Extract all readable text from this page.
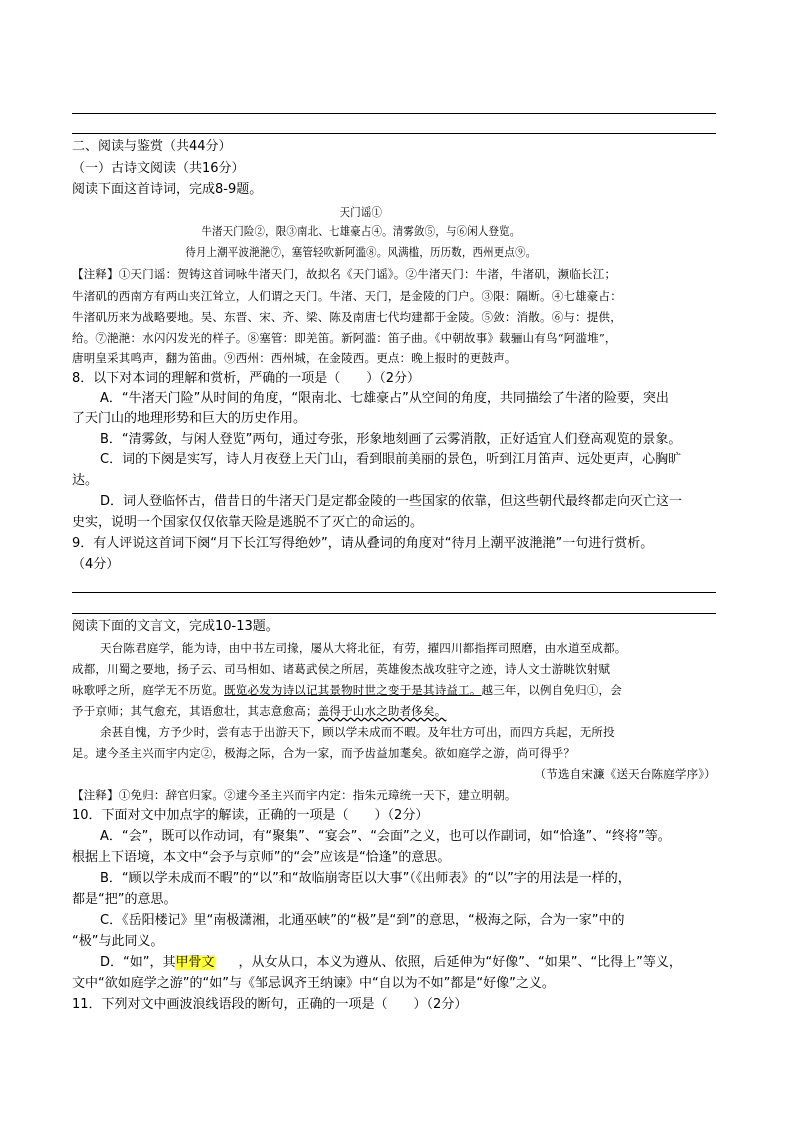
二、阅读与鉴赏（共44分）
（一）古诗文阅读（共16分）
阅读下面这首诗词，完成8-9题。
天门谣①
牛渚天门险②，限③南北、七雄豪占④。清雾敛⑤，与⑥闲人登览。
待月上潮平波滟滟⑦，塞管轻吹新阿滥⑧。风满槛，历历数，西州更点⑨。
【注释】①天门谣：贺铸这首词咏牛渚天门，故拟名《天门谣》。②牛渚天门：牛渚，牛渚矶，濒临长江；
牛渚矶的西南方有两山夹江耸立，人们谓之天门。牛渚、天门，是金陵的门户。③限：隔断。④七雄豪占：
牛渚矶历来为战略要地。吴、东晋、宋、齐、梁、陈及南唐七代均建都于金陵。⑤敛：消散。⑥与：提供，
给。⑦滟滟：水闪闪发光的样子。⑧塞管：即羌笛。新阿滥：笛子曲。《中朝故事》载骊山有鸟“阿滥堆”，
唐明皇采其鸣声，翻为笛曲。⑨西州：西州城，在金陵西。更点：晚上报时的更鼓声。
8．以下对本词的理解和赏析，严确的一项是（　　）（2分）
A．“牛渚天门险”从时间的角度，“限南北、七雄豪占”从空间的角度，共同描绘了牛渚的险要，突出
了天门山的地理形势和巨大的历史作用。
B．“清雾敛，与闲人登览”两句，通过夸张，形象地刻画了云雾消散，正好适宜人们登高观览的景象。
C．词的下阕是实写，诗人月夜登上天门山，看到眼前美丽的景色，听到江月笛声、远处更声，心胸旷
达。
D．词人登临怀古，借昔日的牛渚天门是定都金陵的一些国家的依靠，但这些朝代最终都走向灭亡这一
史实，说明一个国家仅仅依靠天险是逃脱不了灭亡的命运的。
9．有人评说这首词下阕“月下长江写得绝妙”，请从叠词的角度对“待月上潮平波滟滟”一句进行赏析。
（4分）
阅读下面的文言文，完成10-13题。
天台陈君庭学，能为诗，由中书左司掾，屡从大将北征，有劳，擢四川都指挥司照磨，由水道至成都。
成都，川蜀之要地，扬子云、司马相如、诸葛武侯之所居，英雄俊杰战攻驻守之迹，诗人文士游眺饮射赋
咏歌呼之所，庭学无不历览。既览必发为诗以记其景物时世之变于是其诗益工。越三年，以例自免归①，会
予于京师；其气愈充，其语愈壮，其志意愈高；盖得于山水之助者侈矣。
余甚自愧，方予少时，尝有志于出游天下，顾以学未成而不暇。及年壮方可出，而四方兵起，无所投
足。逮今圣主兴而宇内定②，极海之际，合为一家，而予齿益加耄矣。欲如庭学之游，尚可得乎？
（节选自宋濂《送天台陈庭学序》）
【注释】①免归：辞官归家。②逮今圣主兴而宇内定：指朱元璋统一天下，建立明朝。
10．下面对文中加点字的解读，正确的一项是（　　）（2分）
A．“会”，既可以作动词，有“聚集”、“宴会”、“会面”之义，也可以作副词，如“恰逢”、“终将”等。
根据上下语境，本文中“会予与京师”的“会”应该是“恰逢”的意思。
B．“顾以学未成而不暇”的“以”和“故临崩寄臣以大事”（《出师表》的“以”字的用法是一样的，
都是“把”的意思。
C．《岳阳楼记》里“南极潇湘，北通巫峡”的“极”是“到”的意思，“极海之际，合为一家”中的
“极”与此同义。
D．“如”，其甲骨文 ，从女从口，本义为遵从、依照，后延伸为“好像”、“如果”、“比得上”等义，
文中“欲如庭学之游”的“如”与《邹忌讽齐王纳谏》中“自以为不如”都是“好像”之义。
11．下列对文中画波浪线语段的断句，正确的一项是（　　）（2分）
